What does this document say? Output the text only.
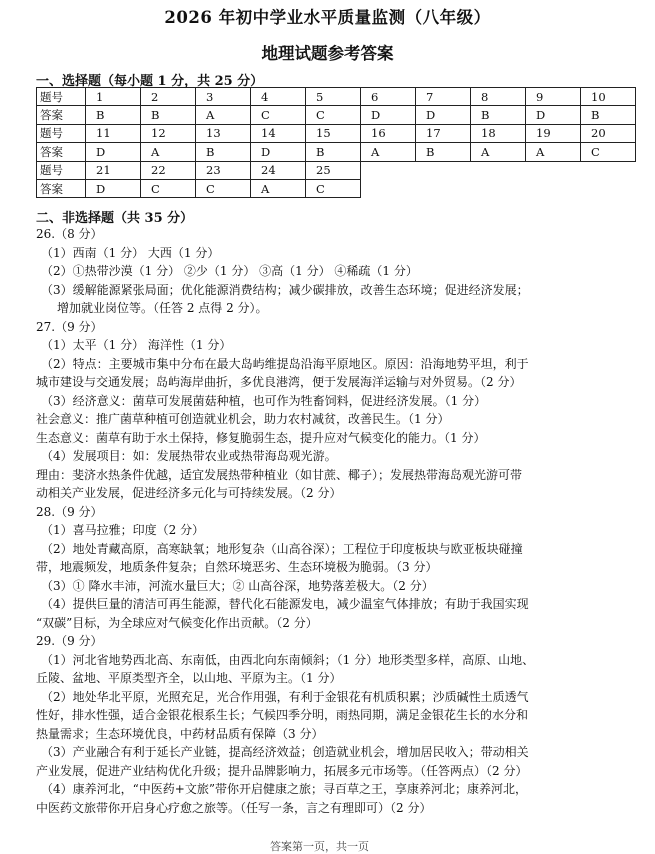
2026 年初中学业水平质量监测（八年级）
地理试题参考答案
一、选择题（每小题 1 分，共 25 分）
题号	1	2	3	4	5	6	7	8	9	10
答案	B	B	A	C	C	D	D	B	D	B
题号	11	12	13	14	15	16	17	18	19	20
答案	D	A	B	D	B	A	B	A	A	C
题号	21	22	23	24	25					
答案	D	C	C	A	C					
二、非选择题（共 35 分）

26.（8 分）

（1）西南（1 分） 大西（1 分）

（2）①热带沙漠（1 分） ②少（1 分） ③高（1 分） ④稀疏（1 分）

（3）缓解能源紧张局面；优化能源消费结构；减少碳排放，改善生态环境；促进经济发展；

增加就业岗位等。（任答 2 点得 2 分）。

27.（9 分）

（1）太平（1 分） 海洋性（1 分）

（2）特点：主要城市集中分布在最大岛屿维提岛沿海平原地区。原因：沿海地势平坦，利于

城市建设与交通发展；岛屿海岸曲折，多优良港湾，便于发展海洋运输与对外贸易。（2 分）

（3）经济意义：菌草可发展菌菇种植，也可作为牲畜饲料，促进经济发展。（1 分）

社会意义：推广菌草种植可创造就业机会，助力农村减贫，改善民生。（1 分）

生态意义：菌草有助于水土保持，修复脆弱生态，提升应对气候变化的能力。（1 分）

（4）发展项目：如：发展热带农业或热带海岛观光游。

理由：斐济水热条件优越，适宜发展热带种植业（如甘蔗、椰子）；发展热带海岛观光游可带

动相关产业发展，促进经济多元化与可持续发展。（2 分）

28.（9 分）

（1）喜马拉雅；印度（2 分）

（2）地处青藏高原，高寒缺氧；地形复杂（山高谷深）；工程位于印度板块与欧亚板块碰撞

带，地震频发，地质条件复杂；自然环境恶劣、生态环境极为脆弱。（3 分）

（3）① 降水丰沛，河流水量巨大；② 山高谷深，地势落差极大。（2 分）

（4）提供巨量的清洁可再生能源，替代化石能源发电，减少温室气体排放；有助于我国实现

“双碳”目标，为全球应对气候变化作出贡献。（2 分）

29.（9 分）

（1）河北省地势西北高、东南低，由西北向东南倾斜；（1 分）地形类型多样，高原、山地、

丘陵、盆地、平原类型齐全，以山地、平原为主。（1 分）

（2）地处华北平原，光照充足，光合作用强，有利于金银花有机质积累；沙质碱性土质透气

性好，排水性强，适合金银花根系生长；气候四季分明，雨热同期，满足金银花生长的水分和

热量需求；生态环境优良，中药材品质有保障（3 分）

（3）产业融合有利于延长产业链，提高经济效益；创造就业机会，增加居民收入；带动相关

产业发展，促进产业结构优化升级；提升品牌影响力，拓展多元市场等。（任答两点）（2 分）

（4）康养河北，“中医药+文旅”带你开启健康之旅；寻百草之王，享康养河北；康养河北，

中医药文旅带你开启身心疗愈之旅等。（任写一条，言之有理即可）（2 分）

答案第一页，共一页
